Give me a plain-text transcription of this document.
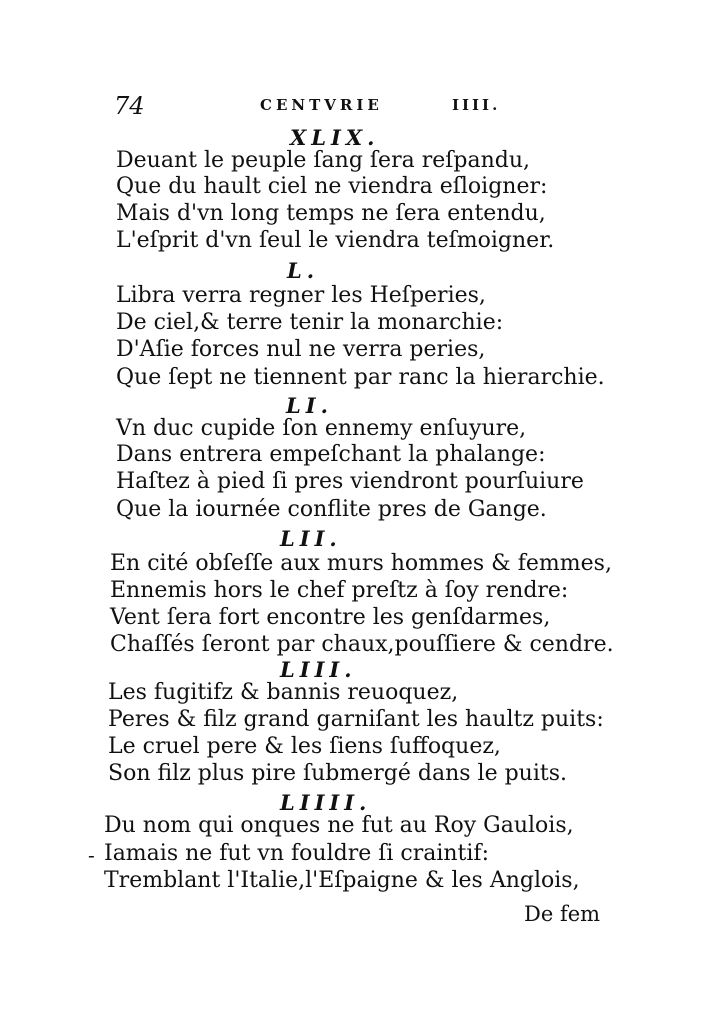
74	CENTVRIE	IIII.
XLIX.
Deuant le peuple ſang ſera reſpandu,
Que du hault ciel ne viendra eſloigner:
Mais d'vn long temps ne ſera entendu,
L'eſprit d'vn ſeul le viendra teſmoigner.
L.
Libra verra regner les Heſperies,
De ciel,& terre tenir la monarchie:
D'Aſie forces nul ne verra peries,
Que ſept ne tiennent par ranc la hierarchie.
LI.
Vn duc cupide ſon ennemy enſuyure,
Dans entrera empeſchant la phalange:
Haſtez à pied ſi pres viendront pourſuiure
Que la iournée conflite pres de Gange.
LII.
En cité obſeſſe aux murs hommes & femmes,
Ennemis hors le chef preſtz à ſoy rendre:
Vent ſera fort encontre les genſdarmes,
Chaſſés ſeront par chaux,pouſſiere & cendre.
LIII.
Les fugitifz & bannis reuoquez,
Peres & filz grand garniſant les haultz puits:
Le cruel pere & les ſiens ſuffoquez,
Son filz plus pire ſubmergé dans le puits.
LIIII.
Du nom qui onques ne fut au Roy Gaulois,
- Iamais ne fut vn fouldre ſi craintif:
Tremblant l'Italie,l'Eſpaigne & les Anglois,
De fem
